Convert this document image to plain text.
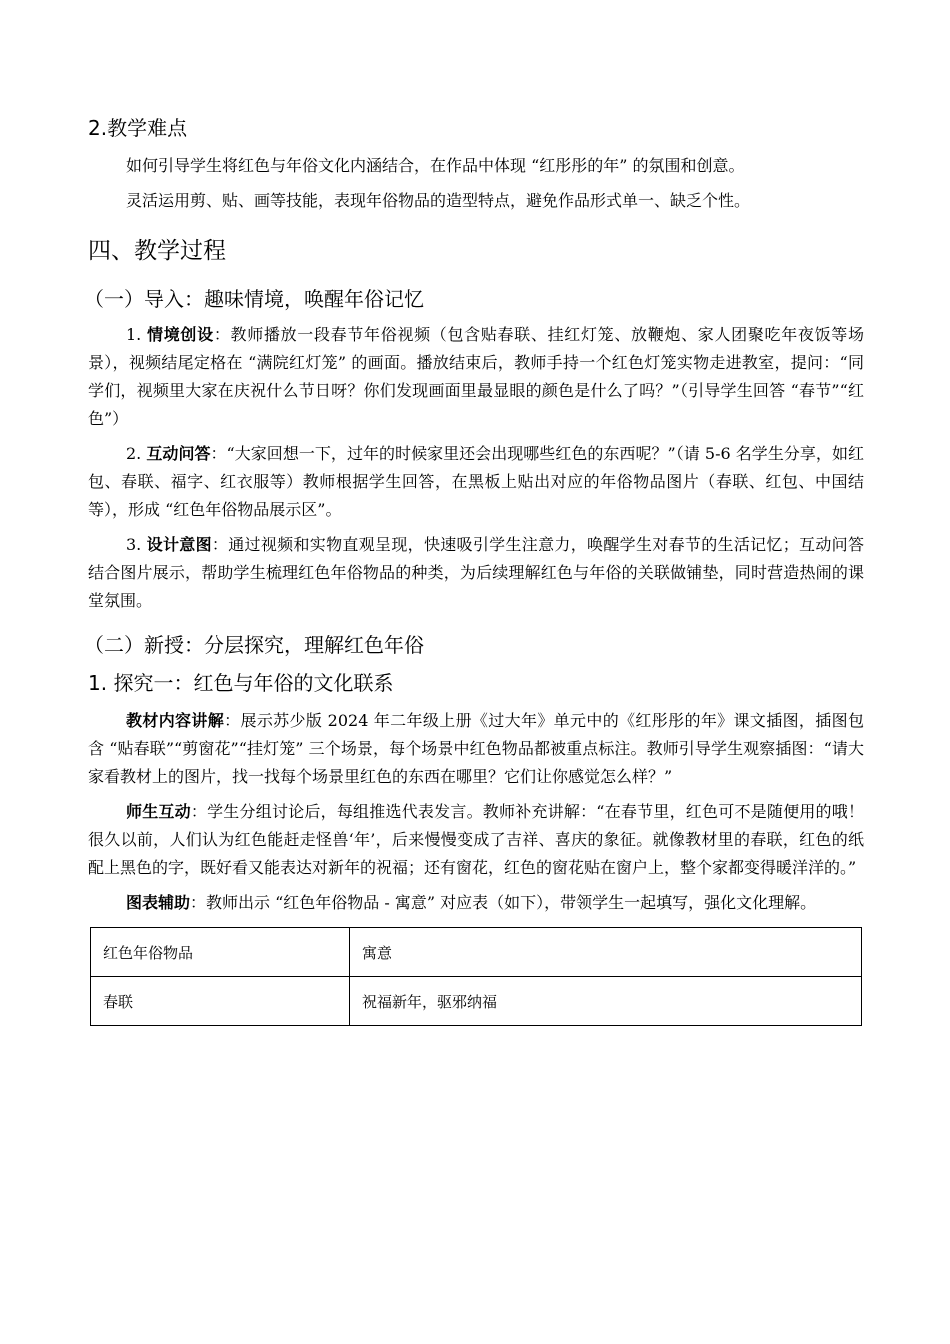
2.教学难点

如何引导学生将红色与年俗文化内涵结合，在作品中体现 “红彤彤的年” 的氛围和创意。

灵活运用剪、贴、画等技能，表现年俗物品的造型特点，避免作品形式单一、缺乏个性。

四、教学过程
（一）导入：趣味情境，唤醒年俗记忆

1. 情境创设：教师播放一段春节年俗视频（包含贴春联、挂红灯笼、放鞭炮、家人团聚吃年夜饭等场景），视频结尾定格在 “满院红灯笼” 的画面。播放结束后，教师手持一个红色灯笼实物走进教室，提问：“同学们，视频里大家在庆祝什么节日呀？你们发现画面里最显眼的颜色是什么了吗？”（引导学生回答 “春节”“红色”）

2. 互动问答：“大家回想一下，过年的时候家里还会出现哪些红色的东西呢？”（请 5-6 名学生分享，如红包、春联、福字、红衣服等）教师根据学生回答，在黑板上贴出对应的年俗物品图片（春联、红包、中国结等），形成 “红色年俗物品展示区”。

3. 设计意图：通过视频和实物直观呈现，快速吸引学生注意力，唤醒学生对春节的生活记忆；互动问答结合图片展示，帮助学生梳理红色年俗物品的种类，为后续理解红色与年俗的关联做铺垫，同时营造热闹的课堂氛围。

（二）新授：分层探究，理解红色年俗
1. 探究一：红色与年俗的文化联系

教材内容讲解：展示苏少版 2024 年二年级上册《过大年》单元中的《红彤彤的年》课文插图，插图包含 “贴春联”“剪窗花”“挂灯笼” 三个场景，每个场景中红色物品都被重点标注。教师引导学生观察插图：“请大家看教材上的图片，找一找每个场景里红色的东西在哪里？它们让你感觉怎么样？”

师生互动：学生分组讨论后，每组推选代表发言。教师补充讲解：“在春节里，红色可不是随便用的哦！很久以前，人们认为红色能赶走怪兽‘年’，后来慢慢变成了吉祥、喜庆的象征。就像教材里的春联，红色的纸配上黑色的字，既好看又能表达对新年的祝福；还有窗花，红色的窗花贴在窗户上，整个家都变得暖洋洋的。”

图表辅助：教师出示 “红色年俗物品 - 寓意” 对应表（如下），带领学生一起填写，强化文化理解。

红色年俗物品	寓意
春联	祝福新年，驱邪纳福
